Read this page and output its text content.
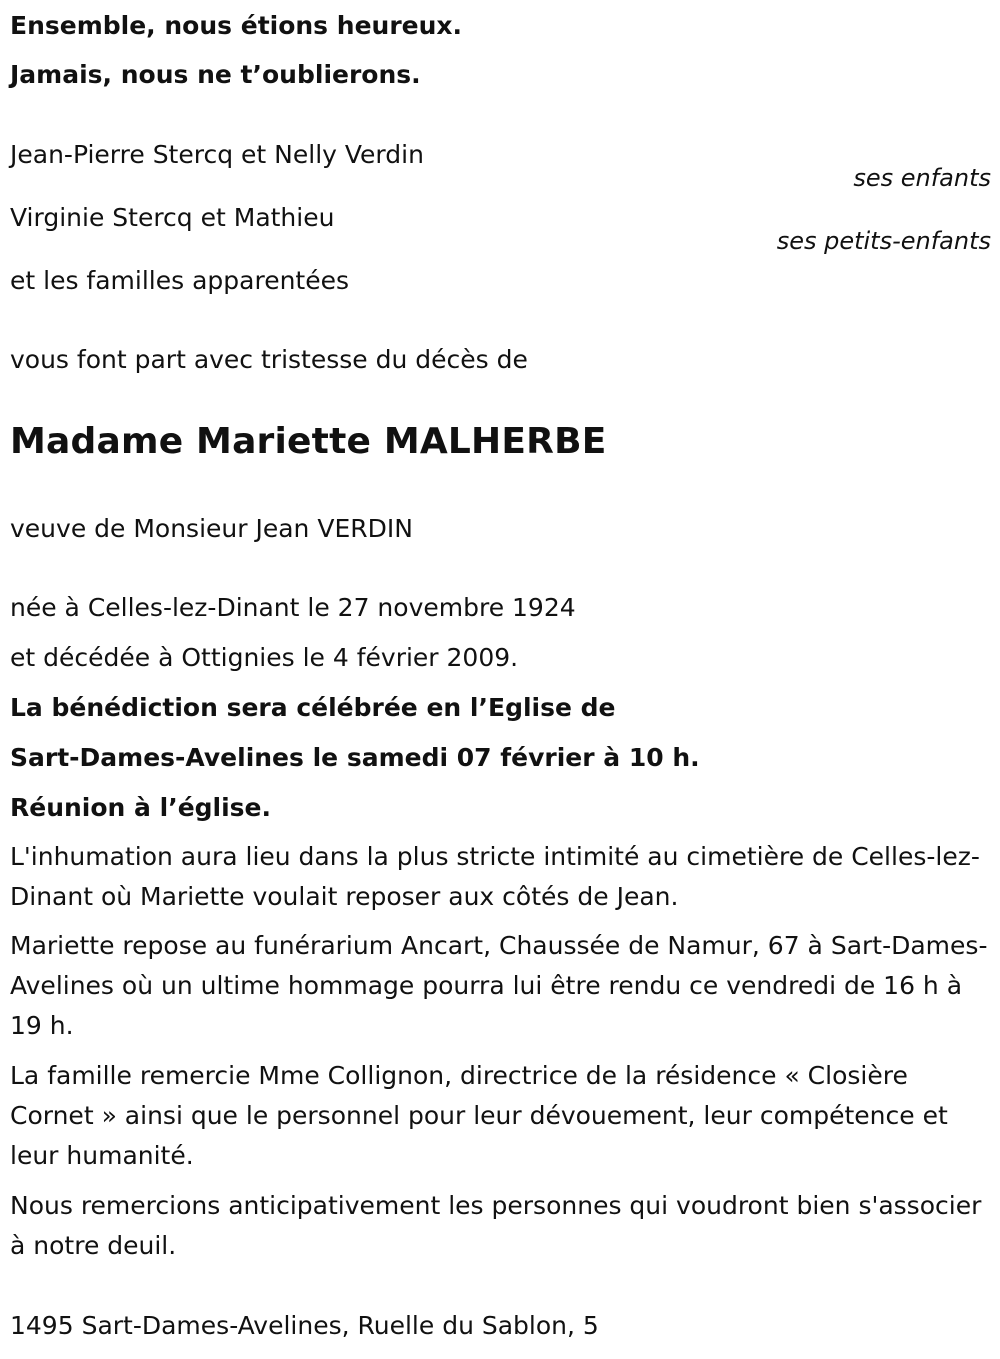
Ensemble, nous étions heureux.

Jamais, nous ne t’oublierons.

Jean-Pierre Stercq et Nelly Verdin

ses enfants

Virginie Stercq et Mathieu

ses petits-enfants

et les familles apparentées

vous font part avec tristesse du décès de

Madame Mariette MALHERBE

veuve de Monsieur Jean VERDIN

née à Celles-lez-Dinant le 27 novembre 1924

et décédée à Ottignies le 4 février 2009.

La bénédiction sera célébrée en l’Eglise de

Sart-Dames-Avelines le samedi 07 février à 10 h.

Réunion à l’église.

L'inhumation aura lieu dans la plus stricte intimité au cimetière de Celles-lez-Dinant où Mariette voulait reposer aux côtés de Jean.

Mariette repose au funérarium Ancart, Chaussée de Namur, 67 à Sart-Dames-Avelines où un ultime hommage pourra lui être rendu ce vendredi de 16 h à 19 h.

La famille remercie Mme Collignon, directrice de la résidence « Closière Cornet » ainsi que le personnel pour leur dévouement, leur compétence et leur humanité.

Nous remercions anticipativement les personnes qui voudront bien s'associer à notre deuil.

1495 Sart-Dames-Avelines, Ruelle du Sablon, 5
